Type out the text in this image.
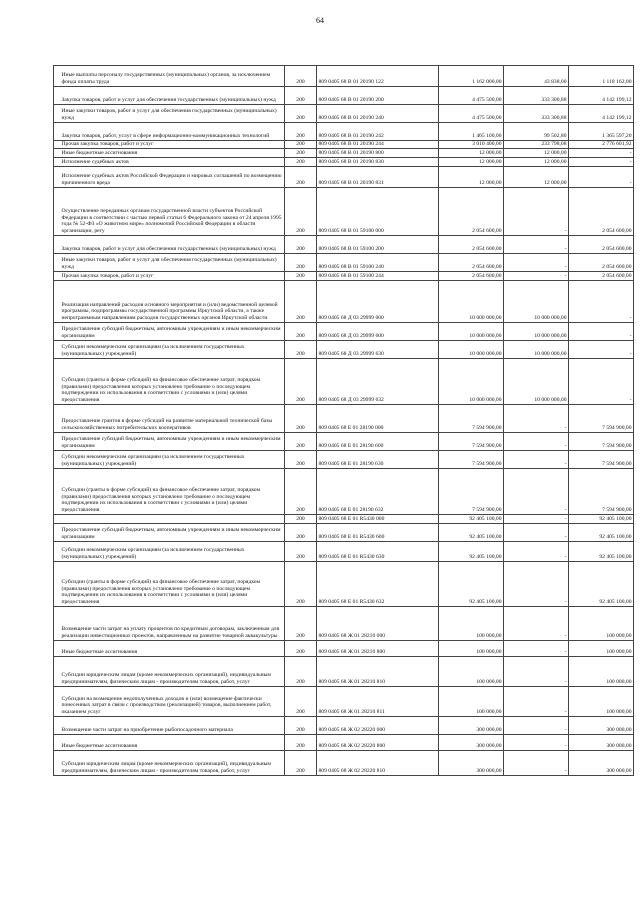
64
Иные выплаты персоналу государственных (муниципальных) органов, за исключением фонда оплаты труда	200	809 0405 68 В 01 20190 122	1 162 000,00	43 838,00	1 118 162,00

Закупка товаров, работ и услуг для обеспечения государственных (муниципальных) нужд	200	809 0405 68 В 01 20190 200	4 475 500,00	333 300,88	4 142 199,12

Иные закупки товаров, работ и услуг для обеспечения государственных (муниципальных) нужд	200	809 0405 68 В 01 20190 240	4 475 500,00	333 300,88	4 142 199,12

Закупка товаров, работ, услуг в сфере информационно-коммуникационных технологий	200	809 0405 68 В 01 20190 242	1 465 100,00	99 502,80	1 365 597,20

Прочая закупка товаров, работ и услуг	200	809 0405 68 В 01 20190 244	3 010 400,00	233 798,08	2 776 601,92

Иные бюджетные ассигнования	200	809 0405 68 В 01 20190 800	12 000,00	12 000,00	-

Исполнение судебных актов	200	809 0405 68 В 01 20190 830	12 000,00	12 000,00	-

Исполнение судебных актов Российской Федерации и мировых соглашений по возмещению причиненного вреда	200	809 0405 68 В 01 20190 831	12 000,00	12 000,00	-

Осуществление переданных органам государственной власти субъектов Российской Федерации в соответствии с частью первой статьи 6 Федерального закона от 24 апреля 1995 года № 52-ФЗ «О животном мире» полномочий Российской Федерации в области организации, регу	200	809 0405 68 В 01 59100 000	2 054 600,00	-	2 054 600,00

Закупка товаров, работ и услуг для обеспечения государственных (муниципальных) нужд	200	809 0405 68 В 01 59100 200	2 054 600,00	-	2 054 600,00

Иные закупки товаров, работ и услуг для обеспечения государственных (муниципальных) нужд	200	809 0405 68 В 01 59100 240	2 054 600,00	-	2 054 600,00

Прочая закупка товаров, работ и услуг	200	809 0405 68 В 01 59100 244	2 054 600,00	-	2 054 600,00

Реализация направлений расходов основного мероприятия и (или) ведомственной целевой программы, подпрограммы государственной программы Иркутской области, а также непрограммным направлениям расходов государственных органов Иркутской области	200	809 0405 68 Д 03 29999 000	10 000 000,00	10 000 000,00	-

Предоставление субсидий бюджетным, автономным учреждениям и иным некоммерческим организациям	200	809 0405 68 Д 03 29999 600	10 000 000,00	10 000 000,00	-

Субсидии некоммерческим организациям (за исключением государственных (муниципальных) учреждений)	200	809 0405 68 Д 03 29999 630	10 000 000,00	10 000 000,00	-

Субсидии (гранты в форме субсидий) на финансовое обеспечение затрат, порядком (правилами) предоставления которых установлено требование о последующем подтверждении их использования в соответствии с условиями и (или) целями предоставления	200	809 0405 68 Д 03 29999 632	10 000 000,00	10 000 000,00	-

Предоставление грантов в форме субсидий на развитие материальной технической базы сельскохозяйственных потребительских кооперативов	200	809 0405 68 Е 01 28190 000	7 594 900,00	-	7 594 900,00

Предоставление субсидий бюджетным, автономным учреждениям и иным некоммерческим организациям	200	809 0405 68 Е 01 28190 600	7 594 900,00	-	7 594 900,00

Субсидии некоммерческим организациям (за исключением государственных (муниципальных) учреждений)	200	809 0405 68 Е 01 28190 630	7 594 900,00	-	7 594 900,00

Субсидии (гранты в форме субсидий) на финансовое обеспечение затрат, порядком (правилами) предоставления которых установлено требование о последующем подтверждении их использования в соответствии с условиями и (или) целями предоставления	200	809 0405 68 Е 01 28190 632	7 594 900,00	-	7 594 900,00

	200	809 0405 68 Е 01 R5430 000	92 405 100,00	-	92 405 100,00

Предоставление субсидий бюджетным, автономным учреждениям и иным некоммерческим организациям	200	809 0405 68 Е 01 R5430 600	92 405 100,00	-	92 405 100,00

Субсидии некоммерческим организациям (за исключением государственных (муниципальных) учреждений)	200	809 0405 68 Е 01 R5430 630	92 405 100,00	-	92 405 100,00

Субсидии (гранты в форме субсидий) на финансовое обеспечение затрат, порядком (правилами) предоставления которых установлено требование о последующем подтверждении их использования в соответствии с условиями и (или) целями предоставления	200	809 0405 68 Е 01 R5430 632	92 405 100,00	-	92 405 100,00

Возмещение части затрат на уплату процентов по кредитным договорам, заключенным для реализации инвестиционных проектов, направленным на развитие товарной аквакультуры	200	809 0405 68 Ж 01 28210 000	100 000,00	-	100 000,00

Иные бюджетные ассигнования	200	809 0405 68 Ж 01 28210 800	100 000,00	-	100 000,00

Субсидии юридическим лицам (кроме некоммерческих организаций), индивидуальным предпринимателям, физическим лицам - производителям товаров, работ, услуг	200	809 0405 68 Ж 01 28210 810	100 000,00	-	100 000,00

Субсидии на возмещение недополученных доходов и (или) возмещение фактически понесенных затрат в связи с производством (реализацией) товаров, выполнением работ, оказанием услуг	200	809 0405 68 Ж 01 28210 811	100 000,00	-	100 000,00

Возмещение части затрат на приобретение рыбопосадочного материала	200	809 0405 68 Ж 02 28220 000	300 000,00	-	300 000,00

Иные бюджетные ассигнования	200	809 0405 68 Ж 02 28220 800	300 000,00	-	300 000,00

Субсидии юридическим лицам (кроме некоммерческих организаций), индивидуальным предпринимателям, физическим лицам - производителям товаров, работ, услуг	200	809 0405 68 Ж 02 28220 810	300 000,00	-	300 000,00
